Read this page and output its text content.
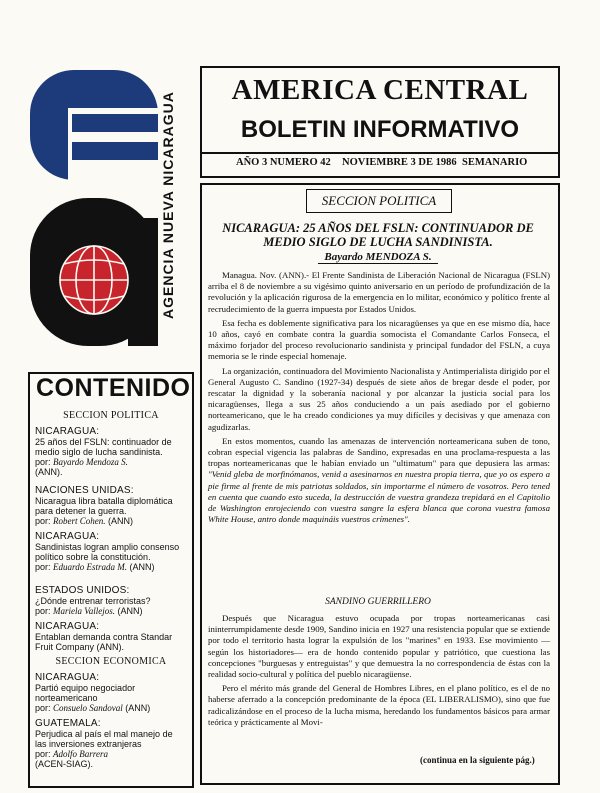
AGENCIA NUEVA NICARAGUA
AMERICA CENTRAL
BOLETIN INFORMATIVO
AÑO 3 NUMERO 42 NOVIEMBRE 3 DE 1986 SEMANARIO
CONTENIDO
SECCION POLITICA
NICARAGUA:
25 años del FSLN: continuador de medio siglo de lucha sandinista.
por: Bayardo Mendoza S.
(ANN).
NACIONES UNIDAS:
Nicaragua libra batalla diplomática para detener la guerra.
por: Robert Cohen. (ANN)
NICARAGUA:
Sandinistas logran amplio consenso político sobre la constitución.
por: Eduardo Estrada M. (ANN)
ESTADOS UNIDOS:
¿Dónde entrenar terroristas?
por: Mariela Vallejos. (ANN)
NICARAGUA:
Entablan demanda contra Standar Fruit Company (ANN).
SECCION ECONOMICA
NICARAGUA:
Partió equipo negociador norteamericano
por: Consuelo Sandoval (ANN)
GUATEMALA:
Perjudica al país el mal manejo de las inversiones extranjeras
por: Adolfo Barrera
(ACEN-SIAG).
SECCION POLITICA
NICARAGUA: 25 AÑOS DEL FSLN: CONTINUADOR DE MEDIO SIGLO DE LUCHA SANDINISTA.
Bayardo MENDOZA S.

Managua. Nov. (ANN).- El Frente Sandinista de Liberación Nacional de Nicaragua (FSLN) arriba el 8 de noviembre a su vigésimo quinto aniversario en un período de profundización de la revolución y la aplicación rigurosa de la emergencia en lo militar, económico y político frente al recrudecimiento de la guerra impuesta por Estados Unidos.

Esa fecha es doblemente significativa para los nicaragüenses ya que en ese mismo día, hace 10 años, cayó en combate contra la guardia somocista el Comandante Carlos Fonseca, el máximo forjador del proceso revolucionario sandinista y principal fundador del FSLN, a cuya memoria se le rinde especial homenaje.

La organización, continuadora del Movimiento Nacionalista y Antimperialista dirigido por el General Augusto C. Sandino (1927-34) después de siete años de bregar desde el poder, por rescatar la dignidad y la soberanía nacional y por alcanzar la justicia social para los nicaragüenses, llega a sus 25 años conduciendo a un país asediado por el gobierno norteamericano, que le ha creado condiciones ya muy difíciles y decisivas y que amenaza con agudizarlas.

En estos momentos, cuando las amenazas de intervención norteamericana suben de tono, cobran especial vigencia las palabras de Sandino, expresadas en una proclama-respuesta a las tropas norteamericanas que le habían enviado un "ultimatum" para que depusiera las armas: "Venid gleba de morfinómanos, venid a asesinarnos en nuestra propia tierra, que yo os espero a pie firme al frente de mis patriotas soldados, sin importarme el número de vosotros. Pero tened en cuenta que cuando esto suceda, la destrucción de vuestra grandeza trepidará en el Capitolio de Washington enrojeciendo con vuestra sangre la esfera blanca que corona vuestra famosa White House, antro donde maquináis vuestros crímenes".

SANDINO GUERRILLERO

Después que Nicaragua estuvo ocupada por tropas norteamericanas casi ininterrumpidamente desde 1909, Sandino inicia en 1927 una resistencia popular que se extiende por todo el territorio hasta lograr la expulsión de los "marines" en 1933. Ese movimiento —según los historiadores— era de hondo contenido popular y patriótico, que cuestiona las concepciones "burguesas y entreguistas" y que demuestra la no correspondencia de éstas con la realidad socio-cultural y política del pueblo nicaragüense.

Pero el mérito más grande del General de Hombres Libres, en el plano político, es el de no haberse aferrado a la concepción predominante de la época (EL LIBERALISMO), sino que fue radicalizándose en el proceso de la lucha misma, heredando los fundamentos básicos para armar teórica y prácticamente al Movi-

(continua en la siguiente pág.)
